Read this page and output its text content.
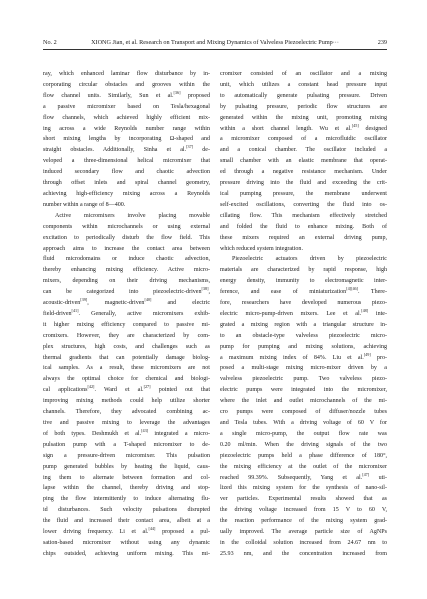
No. 2	XIONG Jian, et al. Research on Transport and Mixing Dynamics of Valveless Piezoelectric Pump···	239
ray, which enhanced laminar flow disturbance by in-
corporating circular obstacles and grooves within the
flow channel units. Similarly, Sun et al.[36] proposed
a passive micromixer based on Tesla/hexagonal
flow channels, which achieved highly efficient mix-
ing across a wide Reynolds number range within
short mixing lengths by incorporating Ω-shaped and
straight obstacles. Additionally, Sinha et al.[37] de-
veloped a three-dimensional helical micromixer that
induced secondary flow and chaotic advection
through offset inlets and spiral channel geometry,
achieving high-efficiency mixing across a Reynolds
number within a range of 8—400.
Active micromixers involve placing movable
components within microchannels or using external
excitation to periodically disturb the flow field. This
approach aims to increase the contact area between
fluid microdomains or induce chaotic advection,
thereby enhancing mixing efficiency. Active micro-
mixers, depending on their driving mechanisms,
can be categorized into piezoelectric-driven[38],
acoustic-driven[39], magnetic-driven[40] and electric
field-driven[41]. Generally, active micromixers exhib-
it higher mixing efficiency compared to passive mi-
cromixers. However, they are characterized by com-
plex structures, high costs, and challenges such as
thermal gradients that can potentially damage biolog-
ical samples. As a result, these micromixers are not
always the optimal choice for chemical and biologi-
cal applications[42]. Ward et al.[27] pointed out that
improving mixing methods could help utilize shorter
channels. Therefore, they advocated combining ac-
tive and passive mixing to leverage the advantages
of both types. Deshmukh et al.[43] integrated a micro-
pulsation pump with a T-shaped micromixer to de-
sign a pressure-driven micromixer. This pulsation
pump generated bubbles by heating the liquid, caus-
ing them to alternate between formation and col-
lapse within the channel, thereby driving and stop-
ping the flow intermittently to induce alternating flu-
id disturbances. Such velocity pulsations disrupted
the fluid and increased their contact area, albeit at a
lower driving frequency. Li et al.[44] proposed a pul-
sation-based micromixer without using any dynamic
chips outsided, achieving uniform mixing. This mi-
cromixer consisted of an oscillator and a mixing
unit, which utilizes a constant head pressure input
to automatically generate pulsating pressure. Driven
by pulsating pressure, periodic flow structures are
generated within the mixing unit, promoting mixing
within a short channel length. Wu et al.[45] designed
a micromixer composed of a microfluidic oscillator
and a conical chamber. The oscillator included a
small chamber with an elastic membrane that operat-
ed through a negative resistance mechanism. Under
pressure driving into the fluid and exceeding the crit-
ical pumping pressure, the membrane underwent
self-excited oscillations, converting the fluid into os-
cillating flow. This mechanism effectively stretched
and folded the fluid to enhance mixing. Both of
these mixers required an external driving pump,
which reduced system integration.
Piezoelectric actuators driven by piezoelectric
materials are characterized by rapid response, high
energy density, immunity to electromagnetic inter-
ference, and ease of miniaturization[4][46]. There-
fore, researchers have developed numerous piezo-
electric micro-pump-driven mixers. Lee et al.[48] inte-
grated a mixing region with a triangular structure in-
to an obstacle-type valveless piezoelectric micro-
pump for pumping and mixing solutions, achieving
a maximum mixing index of 84%. Liu et al.[49] pro-
posed a multi-stage mixing micro-mixer driven by a
valveless piezoelectric pump. Two valveless piezo-
electric pumps were integrated into the micromixer,
where the inlet and outlet microchannels of the mi-
cro pumps were composed of diffuser/nozzle tubes
and Tesla tubes. With a driving voltage of 60 V for
a single micro-pump, the output flow rate was
0.20 ml/min. When the driving signals of the two
piezoelectric pumps held a phase difference of 180°,
the mixing efficiency at the outlet of the micromixer
reached 99.39%. Subsequently, Yang et al.[47] uti-
lized this mixing system for the synthesis of nano-sil-
ver particles. Experimental results showed that as
the driving voltage increased from 15 V to 60 V,
the reaction performance of the mixing system grad-
ually improved. The average particle size of AgNPs
in the colloidal solution increased from 24.67 nm to
25.93 nm, and the concentration increased from
